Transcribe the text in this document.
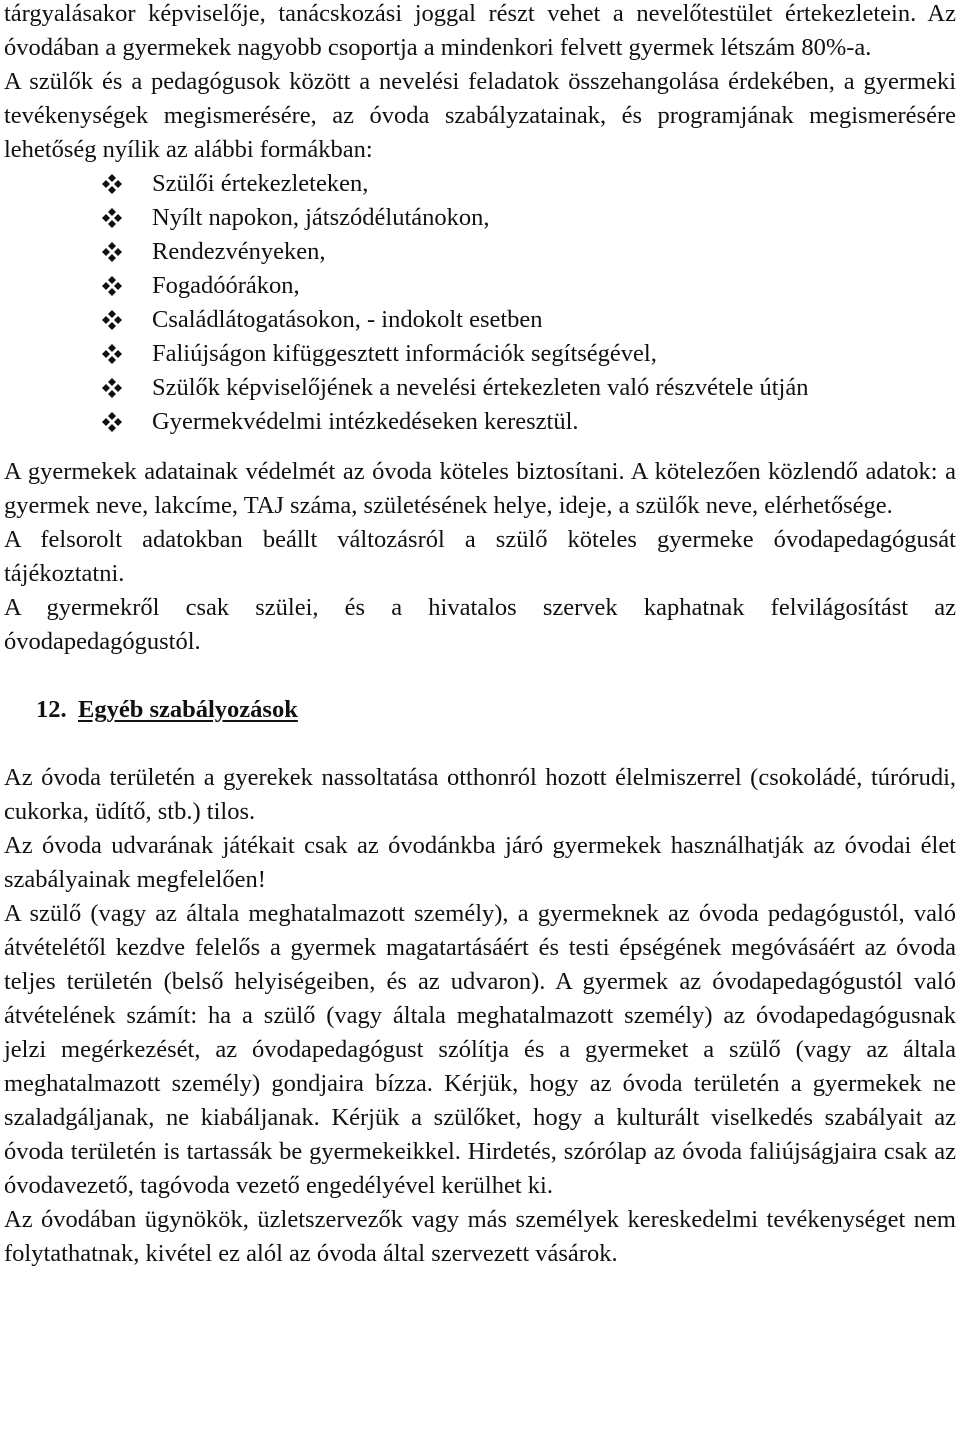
tárgyalásakor képviselője, tanácskozási joggal részt vehet a nevelőtestület értekezletein. Az óvodában a gyermekek nagyobb csoportja a mindenkori felvett gyermek létszám 80%-a.

A szülők és a pedagógusok között a nevelési feladatok összehangolása érdekében, a gyermeki tevékenységek megismerésére, az óvoda szabályzatainak, és programjának megismerésére lehetőség nyílik az alábbi formákban:

Szülői értekezleteken,
Nyílt napokon, játszódélutánokon,
Rendezvényeken,
Fogadóórákon,
Családlátogatásokon, - indokolt esetben
Faliújságon kifüggesztett információk segítségével,
Szülők képviselőjének a nevelési értekezleten való részvétele útján
Gyermekvédelmi intézkedéseken keresztül.

A gyermekek adatainak védelmét az óvoda köteles biztosítani. A kötelezően közlendő adatok: a gyermek neve, lakcíme, TAJ száma, születésének helye, ideje, a szülők neve, elérhetősége.

A felsorolt adatokban beállt változásról a szülő köteles gyermeke óvodapedagógusát tájékoztatni.

A gyermekről csak szülei, és a hivatalos szervek kaphatnak felvilágosítást az óvodapedagógustól.

12. Egyéb szabályozások

Az óvoda területén a gyerekek nassoltatása otthonról hozott élelmiszerrel (csokoládé, túrórudi, cukorka, üdítő, stb.) tilos.

Az óvoda udvarának játékait csak az óvodánkba járó gyermekek használhatják az óvodai élet szabályainak megfelelően!

A szülő (vagy az általa meghatalmazott személy), a gyermeknek az óvoda pedagógustól, való átvételétől kezdve felelős a gyermek magatartásáért és testi épségének megóvásáért az óvoda teljes területén (belső helyiségeiben, és az udvaron). A gyermek az óvodapedagógustól való átvételének számít: ha a szülő (vagy általa meghatalmazott személy) az óvodapedagógusnak jelzi megérkezését, az óvodapedagógust szólítja és a gyermeket a szülő (vagy az általa meghatalmazott személy) gondjaira bízza. Kérjük, hogy az óvoda területén a gyermekek ne szaladgáljanak, ne kiabáljanak. Kérjük a szülőket, hogy a kulturált viselkedés szabályait az óvoda területén is tartassák be gyermekeikkel. Hirdetés, szórólap az óvoda faliújságjaira csak az óvodavezető, tagóvoda vezető engedélyével kerülhet ki.

Az óvodában ügynökök, üzletszervezők vagy más személyek kereskedelmi tevékenységet nem folytathatnak, kivétel ez alól az óvoda által szervezett vásárok.
